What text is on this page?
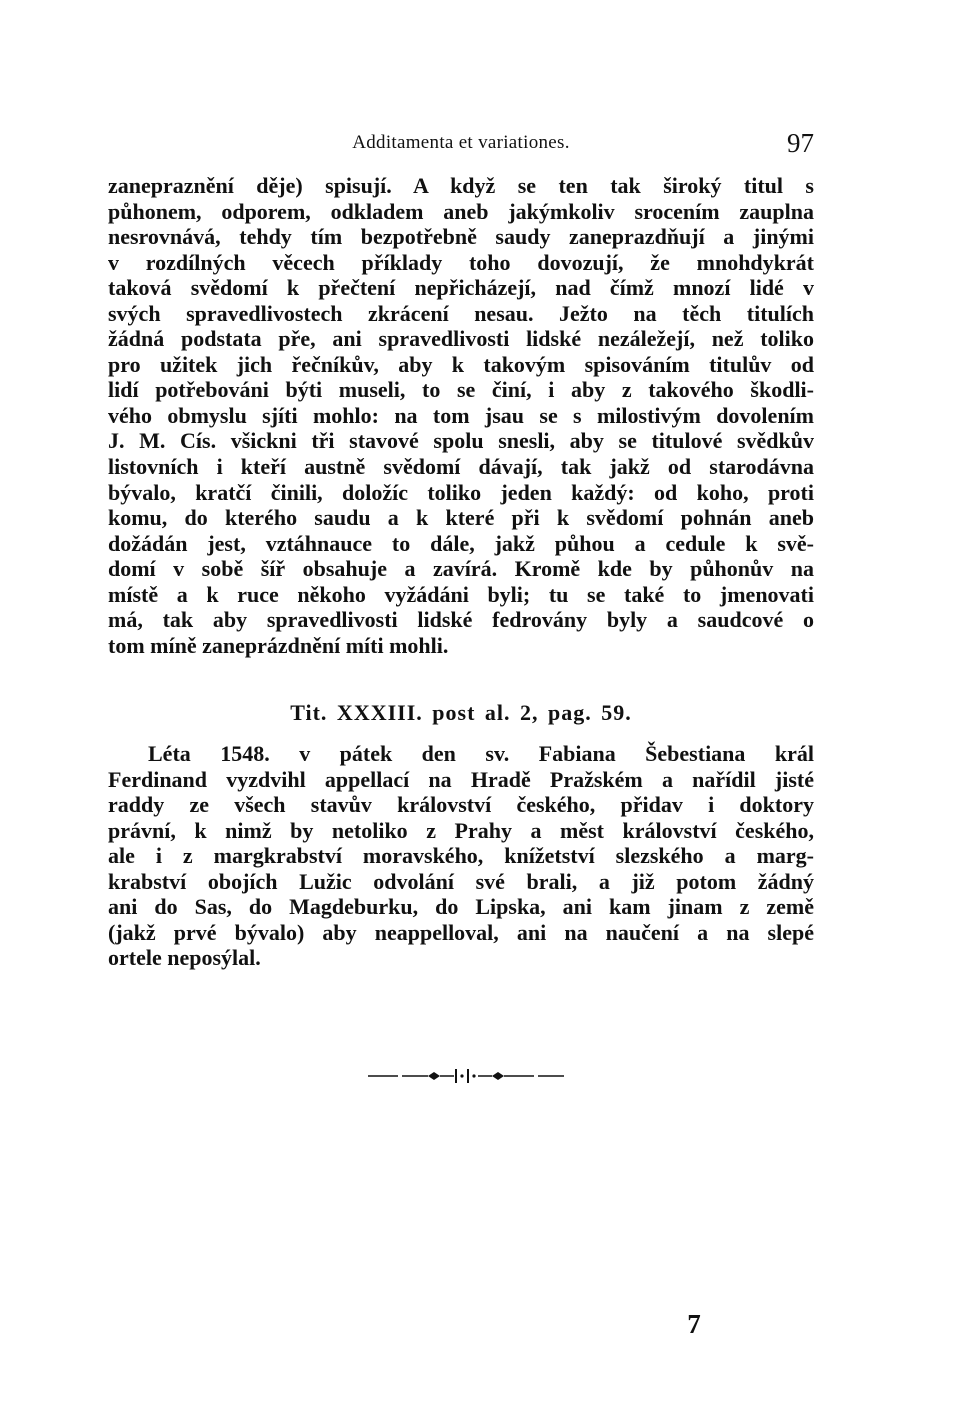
Additamenta et variationes.	97
zanepraznění děje) spisují. A když se ten tak široký titul s
půhonem, odporem, odkladem aneb jakýmkoliv srocením zauplna
nesrovnává, tehdy tím bezpotřebně saudy zaneprazdňují a jinými
v rozdílných věcech příklady toho dovozují, že mnohdykrát
taková svědomí k přečtení nepřicházejí, nad čímž mnozí lidé v
svých spravedlivostech zkrácení nesau. Ježto na těch titulích
žádná podstata pře, ani spravedlivosti lidské nezáležejí, než toliko
pro užitek jich řečníkův, aby k takovým spisováním titulův od
lidí potřebováni býti museli, to se činí, i aby z takového škodli-
vého obmyslu sjíti mohlo: na tom jsau se s milostivým dovolením
J. M. Cís. všickni tři stavové spolu snesli, aby se titulové svědkův
listovních i kteří austně svědomí dávají, tak jakž od starodávna
bývalo, kratčí činili, doložíc toliko jeden každý: od koho, proti
komu, do kterého saudu a k které při k svědomí pohnán aneb
dožádán jest, vztáhnauce to dále, jakž půhou a cedule k svě-
domí v sobě šíř obsahuje a zavírá. Kromě kde by půhonův na
místě a k ruce někoho vyžádáni byli; tu se také to jmenovati
má, tak aby spravedlivosti lidské fedrovány byly a saudcové o
tom míně zaneprázdnění míti mohli.
Tit. XXXIII. post al. 2, pag. 59.
Léta 1548. v pátek den sv. Fabiana Šebestiana král
Ferdinand vyzdvihl appellací na Hradě Pražském a nařídil jisté
raddy ze všech stavův království českého, přidav i doktory
právní, k nimž by netoliko z Prahy a měst království českého,
ale i z margkrabství moravského, knížetství slezského a marg-
krabství obojích Lužic odvolání své brali, a již potom žádný
ani do Sas, do Magdeburku, do Lipska, ani kam jinam z země
(jakž prvé bývalo) aby neappelloval, ani na naučení a na slepé
ortele neposýlal.
7
